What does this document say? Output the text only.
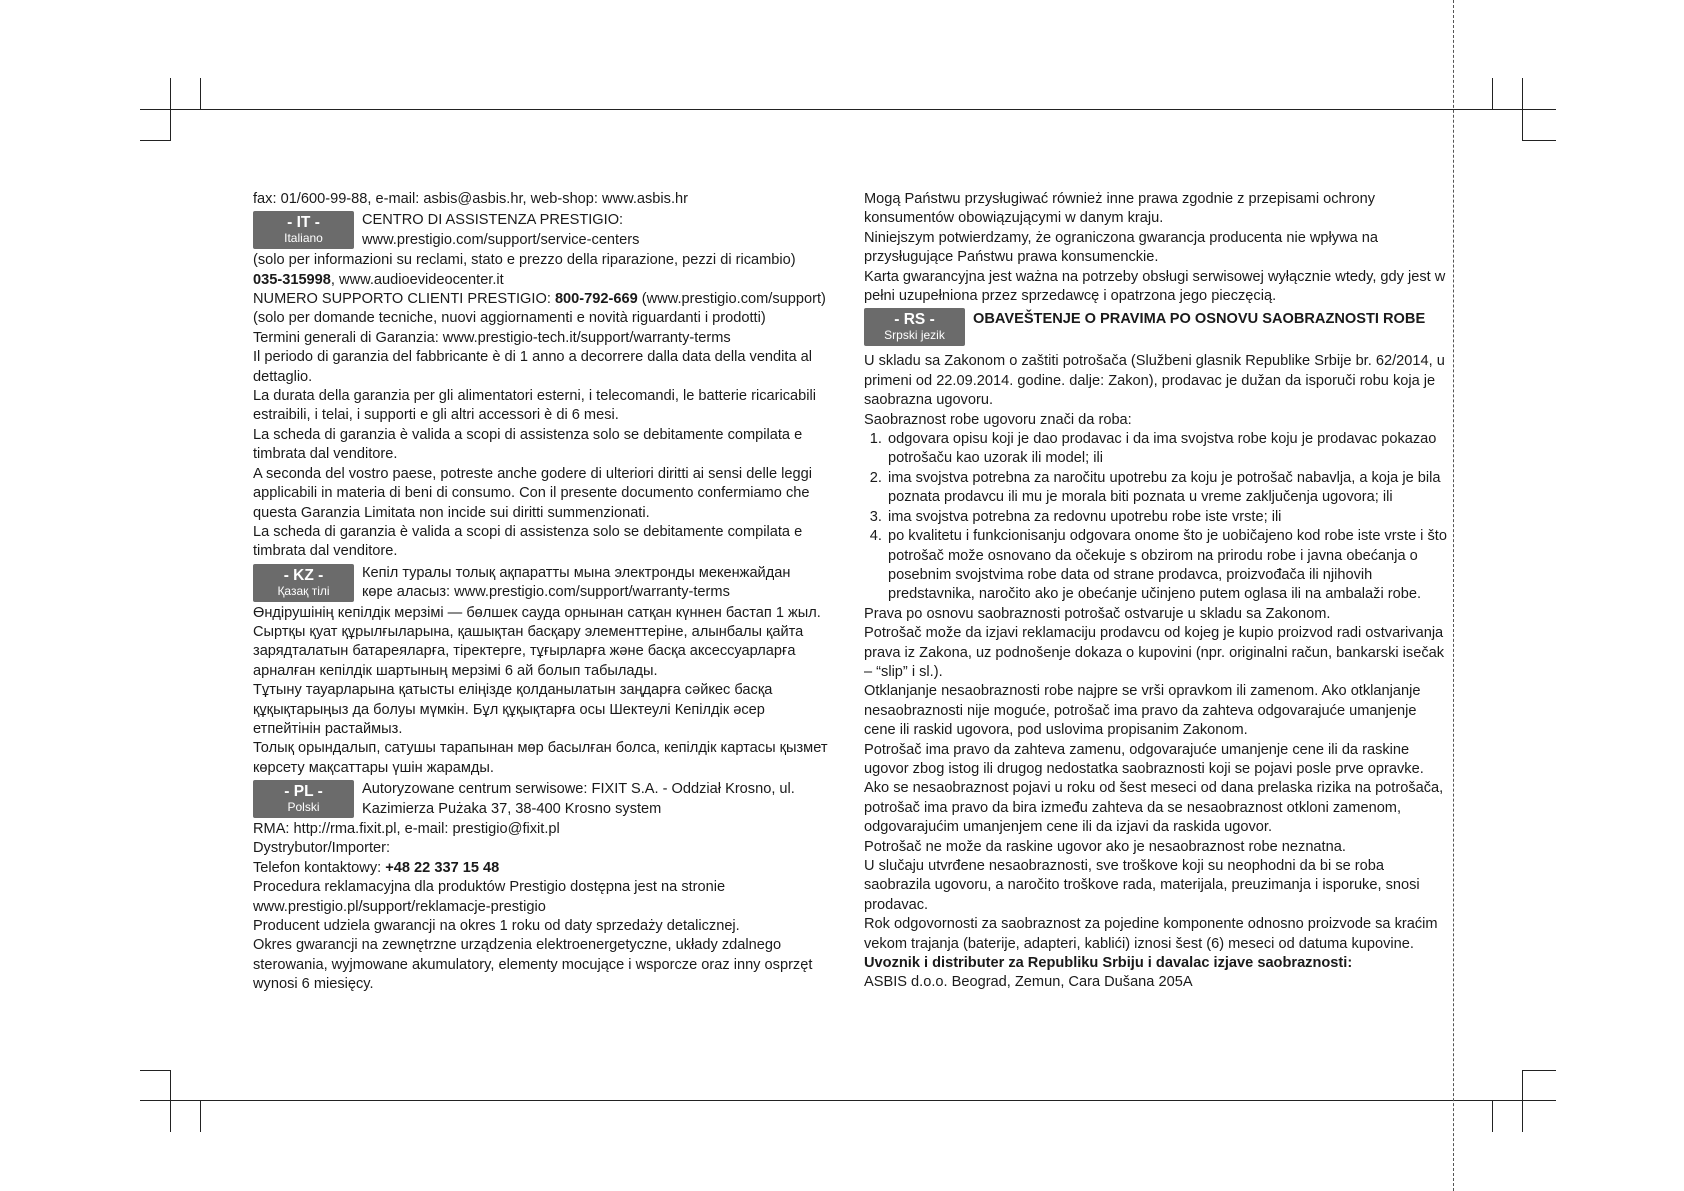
fax: 01/600-99-88, e-mail: asbis@asbis.hr, web-shop: www.asbis.hr

- IT -
Italiano
CENTRO DI ASSISTENZA PRESTIGIO:
www.prestigio.com/support/service-centers

(solo per informazioni su reclami, stato e prezzo della riparazione, pezzi di ricambio)

035-315998, www.audioevideocenter.it

NUMERO SUPPORTO CLIENTI PRESTIGIO: 800-792-669 (www.prestigio.com/support)

(solo per domande tecniche, nuovi aggiornamenti e novità riguardanti i prodotti)

Termini generali di Garanzia: www.prestigio-tech.it/support/warranty-terms

Il periodo di garanzia del fabbricante è di 1 anno a decorrere dalla data della vendita al dettaglio.

La durata della garanzia per gli alimentatori esterni, i telecomandi, le batterie ricaricabili estraibili, i telai, i supporti e gli altri accessori è di 6 mesi.

La scheda di garanzia è valida a scopi di assistenza solo se debitamente compilata e timbrata dal venditore.

A seconda del vostro paese, potreste anche godere di ulteriori diritti ai sensi delle leggi applicabili in materia di beni di consumo. Con il presente documento confermiamo che questa Garanzia Limitata non incide sui diritti summenzionati.

La scheda di garanzia è valida a scopi di assistenza solo se debitamente compilata e timbrata dal venditore.

- KZ -
Қазақ тілі
Кепіл туралы толық ақпаратты мына электронды мекенжайдан
көре аласыз: www.prestigio.com/support/warranty-terms

Өндірушінің кепілдік мерзімі — бөлшек сауда орнынан сатқан күннен бастап 1 жыл.

Сыртқы қуат құрылғыларына, қашықтан басқару элементтеріне, алынбалы қайта зарядталатын батареяларға, тіректерге, тұғырларға және басқа аксессуарларға арналған кепілдік шартының мерзімі 6 ай болып табылады.

Тұтыну тауарларына қатысты еліңізде қолданылатын заңдарға сәйкес басқа құқықтарыңыз да болуы мүмкін. Бұл құқықтарға осы Шектеулі Кепілдік әсер етпейтінін растаймыз.

Толық орындалып, сатушы тарапынан мөр басылған болса, кепілдік картасы қызмет көрсету мақсаттары үшін жарамды.

- PL -
Polski
Autoryzowane centrum serwisowe: FIXIT S.A. - Oddział Krosno, ul.
Kazimierza Pużaka 37, 38-400 Krosno system

RMA: http://rma.fixit.pl, e-mail: prestigio@fixit.pl

Dystrybutor/Importer:

Telefon kontaktowy: +48 22 337 15 48

Procedura reklamacyjna dla produktów Prestigio dostępna jest na stronie www.prestigio.pl/support/reklamacje-prestigio

Producent udziela gwarancji na okres 1 roku od daty sprzedaży detalicznej.

Okres gwarancji na zewnętrzne urządzenia elektroenergetyczne, układy zdalnego sterowania, wyjmowane akumulatory, elementy mocujące i wsporcze oraz inny osprzęt wynosi 6 miesięcy.

Mogą Państwu przysługiwać również inne prawa zgodnie z przepisami ochrony konsumentów obowiązującymi w danym kraju.

Niniejszym potwierdzamy, że ograniczona gwarancja producenta nie wpływa na przysługujące Państwu prawa konsumenckie.

Karta gwarancyjna jest ważna na potrzeby obsługi serwisowej wyłącznie wtedy, gdy jest w pełni uzupełniona przez sprzedawcę i opatrzona jego pieczęcią.

- RS -
Srpski jezik
OBAVEŠTENJE O PRAVIMA PO OSNOVU SAOBRAZNOSTI ROBE

U skladu sa Zakonom o zaštiti potrošača (Službeni glasnik Republike Srbije br. 62/2014, u primeni od 22.09.2014. godine. dalje: Zakon), prodavac je dužan da isporuči robu koja je saobrazna ugovoru.

Saobraznost robe ugovoru znači da roba:

1. odgovara opisu koji je dao prodavac i da ima svojstva robe koju je prodavac pokazao potrošaču kao uzorak ili model; ili
2. ima svojstva potrebna za naročitu upotrebu za koju je potrošač nabavlja, a koja je bila poznata prodavcu ili mu je morala biti poznata u vreme zaključenja ugovora; ili
3. ima svojstva potrebna za redovnu upotrebu robe iste vrste; ili
4. po kvalitetu i funkcionisanju odgovara onome što je uobičajeno kod robe iste vrste i što potrošač može osnovano da očekuje s obzirom na prirodu robe i javna obećanja o posebnim svojstvima robe data od strane prodavca, proizvođača ili njihovih predstavnika, naročito ako je obećanje učinjeno putem oglasa ili na ambalaži robe.

Prava po osnovu saobraznosti potrošač ostvaruje u skladu sa Zakonom.

Potrošač može da izjavi reklamaciju prodavcu od kojeg je kupio proizvod radi ostvarivanja prava iz Zakona, uz podnošenje dokaza o kupovini (npr. originalni račun, bankarski isečak – “slip” i sl.).

Otklanjanje nesaobraznosti robe najpre se vrši opravkom ili zamenom. Ako otklanjanje nesaobraznosti nije moguće, potrošač ima pravo da zahteva odgovarajuće umanjenje cene ili raskid ugovora, pod uslovima propisanim Zakonom.

Potrošač ima pravo da zahteva zamenu, odgovarajuće umanjenje cene ili da raskine ugovor zbog istog ili drugog nedostatka saobraznosti koji se pojavi posle prve opravke.

Ako se nesaobraznost pojavi u roku od šest meseci od dana prelaska rizika na potrošača, potrošač ima pravo da bira između zahteva da se nesaobraznost otkloni zamenom, odgovarajućim umanjenjem cene ili da izjavi da raskida ugovor.

Potrošač ne može da raskine ugovor ako je nesaobraznost robe neznatna.

U slučaju utvrđene nesaobraznosti, sve troškove koji su neophodni da bi se roba saobrazila ugovoru, a naročito troškove rada, materijala, preuzimanja i isporuke, snosi prodavac.

Rok odgovornosti za saobraznost za pojedine komponente odnosno proizvode sa kraćim vekom trajanja (baterije, adapteri, kablići) iznosi šest (6) meseci od datuma kupovine.

Uvoznik i distributer za Republiku Srbiju i davalac izjave saobraznosti:

ASBIS d.o.o. Beograd, Zemun, Cara Dušana 205A
